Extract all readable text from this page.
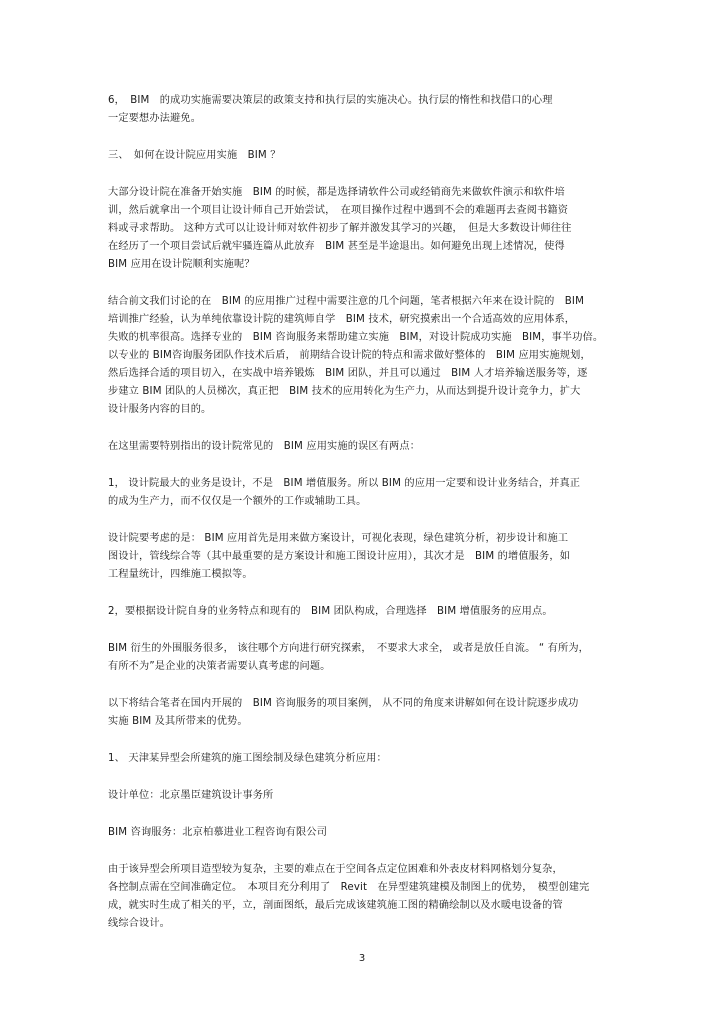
6，　BIM　的成功实施需要决策层的政策支持和执行层的实施决心。执行层的惰性和找借口的心理
一定要想办法避免。
三、　如何在设计院应用实施　BIM ？
大部分设计院在准备开始实施　BIM 的时候，都是选择请软件公司或经销商先来做软件演示和软件培
训，然后就拿出一个项目让设计师自己开始尝试，　在项目操作过程中遇到不会的难题再去查阅书籍资
料或寻求帮助。 这种方式可以让设计师对软件初步了解并激发其学习的兴趣，　但是大多数设计师往往
在经历了一个项目尝试后就牢骚连篇从此放弃　BIM 甚至是半途退出。如何避免出现上述情况，使得
BIM 应用在设计院顺利实施呢？
结合前文我们讨论的在　BIM 的应用推广过程中需要注意的几个问题，笔者根据六年来在设计院的　BIM
培训推广经验，认为单纯依靠设计院的建筑师自学　BIM 技术，研究摸索出一个合适高效的应用体系，
失败的机率很高。选择专业的　BIM 咨询服务来帮助建立实施　BIM，对设计院成功实施　BIM，事半功倍。
以专业的 BIM咨询服务团队作技术后盾， 前期结合设计院的特点和需求做好整体的　BIM 应用实施规划，
然后选择合适的项目切入，在实战中培养锻炼　BIM 团队，并且可以通过　BIM 人才培养输送服务等，逐
步建立 BIM 团队的人员梯次，真正把　BIM 技术的应用转化为生产力，从而达到提升设计竞争力，扩大
设计服务内容的目的。
在这里需要特别指出的设计院常见的　BIM 应用实施的误区有两点：
1， 设计院最大的业务是设计，不是　BIM 增值服务。所以 BIM 的应用一定要和设计业务结合，并真正
的成为生产力，而不仅仅是一个额外的工作或辅助工具。
设计院要考虑的是： BIM 应用首先是用来做方案设计，可视化表现，绿色建筑分析，初步设计和施工
图设计，管线综合等（其中最重要的是方案设计和施工图设计应用），其次才是　BIM 的增值服务，如
工程量统计，四维施工模拟等。
2，要根据设计院自身的业务特点和现有的　BIM 团队构成，合理选择　BIM 增值服务的应用点。
BIM 衍生的外围服务很多， 该往哪个方向进行研究探索，　不要求大求全， 或者是放任自流。 “ 有所为，
有所不为”是企业的决策者需要认真考虑的问题。
以下将结合笔者在国内开展的　BIM 咨询服务的项目案例， 从不同的角度来讲解如何在设计院逐步成功
实施 BIM 及其所带来的优势。
1、 天津某异型会所建筑的施工图绘制及绿色建筑分析应用：
设计单位：北京墨臣建筑设计事务所
BIM 咨询服务：北京柏慕进业工程咨询有限公司
由于该异型会所项目造型较为复杂，主要的难点在于空间各点定位困难和外表皮材料网格划分复杂，
各控制点需在空间准确定位。　本项目充分利用了　Revit　在异型建筑建模及制图上的优势，　模型创建完
成，就实时生成了相关的平，立，剖面图纸，最后完成该建筑施工图的精确绘制以及水暖电设备的管
线综合设计。
3
